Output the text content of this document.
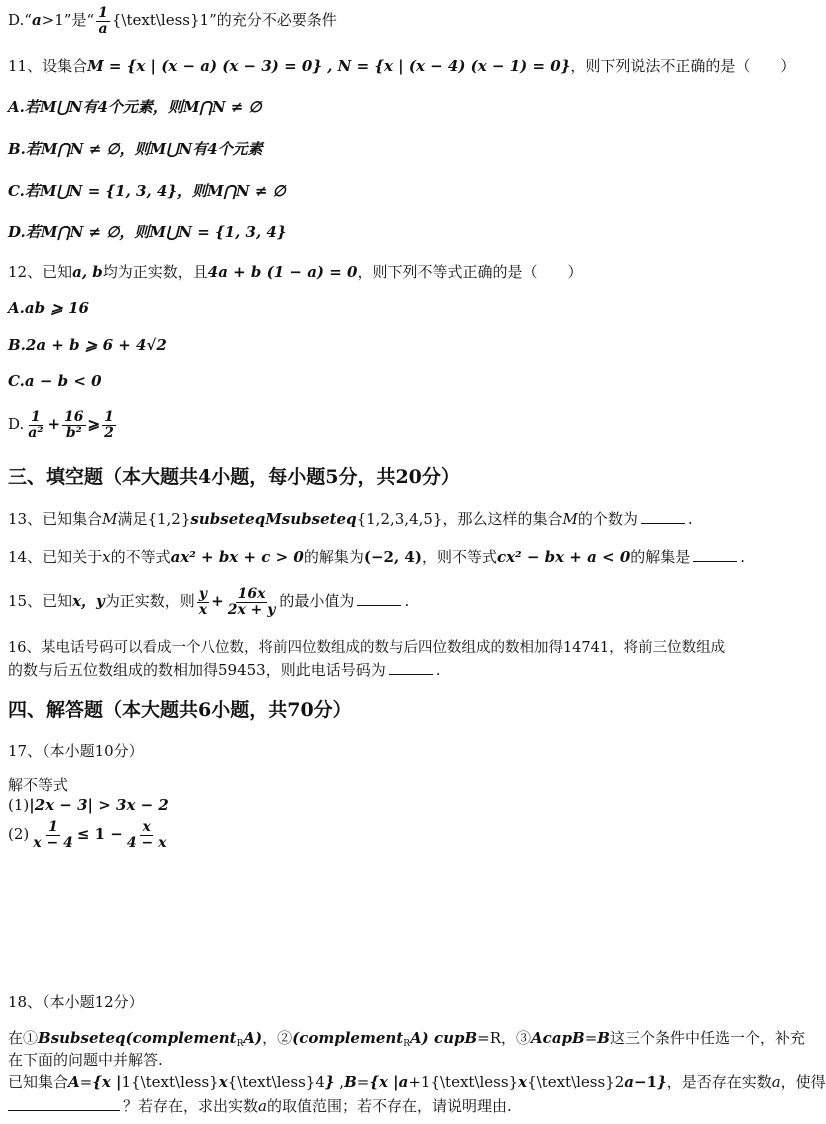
D.“a>1”是“ $\frac{1}{a}$ {\text\less}1”的充分不必要条件
11、设集合M = {x | (x − a) (x − 3) = 0} , N = {x | (x − 4) (x − 1) = 0}，则下列说法不正确的是（　　）
A.若M⋃N有4个元素，则M⋂N ≠ ∅
B.若M⋂N ≠ ∅，则M⋃N有4个元素
C.若M⋃N = {1, 3, 4}，则M⋂N ≠ ∅
D.若M⋂N ≠ ∅，则M⋃N = {1, 3, 4}
12、已知a, b均为正实数，且4a + b (1 − a) = 0，则下列不等式正确的是（　　）
A.ab ⩾ 16
B.2a + b ⩾ 6 + 4√2
C.a − b < 0
D. $\frac{1}{\text{a²}} + \frac{16}{\text{b²}}$ ⩾ $\frac{1}{2}$
三、填空题（本大题共4小题，每小题5分，共20分）
13、已知集合M满足{1,2}subseteqMsubseteq{1,2,3,4,5}，那么这样的集合M的个数为	.
14、已知关于x的不等式ax² + bx + c > 0的解集为(−2, 4)，则不等式cx² − bx + a < 0的解集是	.
15、已知x，y为正实数，则 $\frac{y}{x} + \frac{16x}{2x + y}$ 的最小值为	.
16、某电话号码可以看成一个八位数，将前四位数组成的数与后四位数组成的数相加得14741，将前三位数组成
的数与后五位数组成的数相加得59453，则此电话号码为	.
四、解答题（本大题共6小题，共70分）
17、（本小题10分）
解不等式
(1)|2x − 3| > 3x − 2
$(2) \frac{1}{x - 4} \le 1 - \frac{x}{4 - x}$
18、（本小题12分）
在①Bsubseteq(complement$_R$A)，②(complement$_R$A) cupB=R，③AcapB=B这三个条件中任选一个，补充
在下面的问题中并解答.
已知集合A={x |1{\text\less}x{\text\less}4} ,B={x |a+1{\text\less}x{\text\less}2a−1}，是否存在实数a，使得
？若存在，求出实数a的取值范围；若不存在，请说明理由.
